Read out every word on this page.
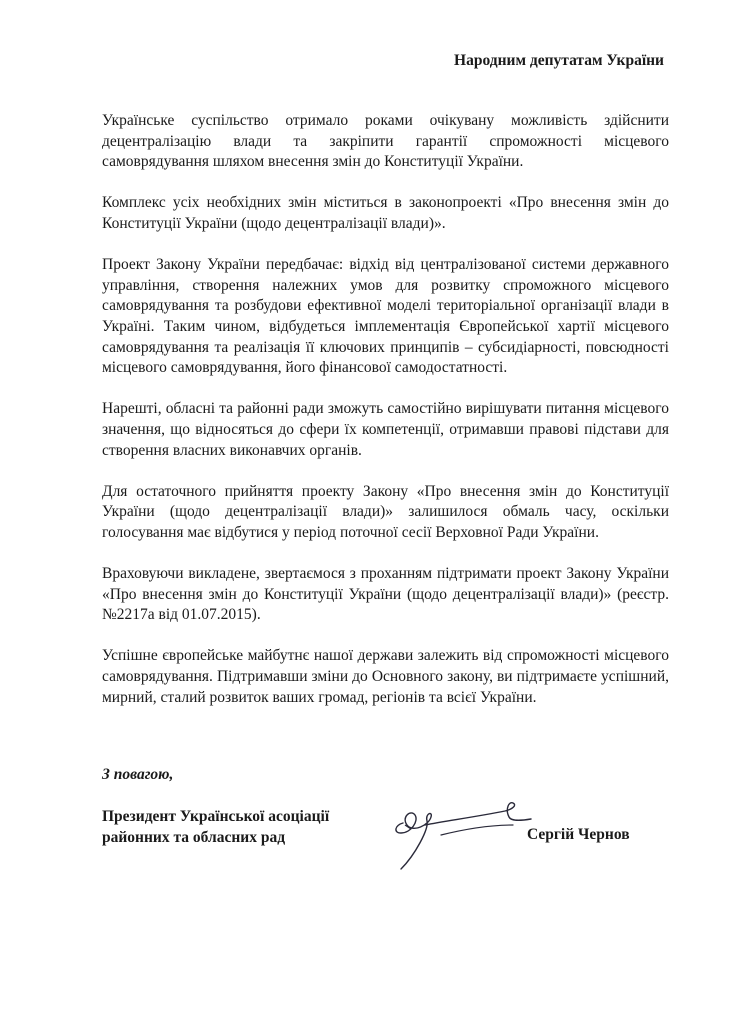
Народним депутатам України

Українське суспільство отримало роками очікувану можливість здійснити децентралізацію влади та закріпити гарантії спроможності місцевого самоврядування шляхом внесення змін до Конституції України.

Комплекс усіх необхідних змін міститься в законопроекті «Про внесення змін до Конституції України (щодо децентралізації влади)».

Проект Закону України передбачає: відхід від централізованої системи державного управління, створення належних умов для розвитку спроможного місцевого самоврядування та розбудови ефективної моделі територіальної організації влади в Україні. Таким чином, відбудеться імплементація Європейської хартії місцевого самоврядування та реалізація її ключових принципів – субсидіарності, повсюдності місцевого самоврядування, його фінансової самодостатності.

Нарешті, обласні та районні ради зможуть самостійно вирішувати питання місцевого значення, що відносяться до сфери їх компетенції, отримавши правові підстави для створення власних виконавчих органів.

Для остаточного прийняття проекту Закону «Про внесення змін до Конституції України (щодо децентралізації влади)» залишилося обмаль часу, оскільки голосування має відбутися у період поточної сесії Верховної Ради України.

Враховуючи викладене, звертаємося з проханням підтримати проект Закону України «Про внесення змін до Конституції України (щодо децентралізації влади)» (реєстр. №2217а від 01.07.2015).

Успішне європейське майбутнє нашої держави залежить від спроможності місцевого самоврядування. Підтримавши зміни до Основного закону, ви підтримаєте успішний, мирний, сталий розвиток ваших громад, регіонів та всієї України.

З повагою,
Президент Української асоціації
районних та обласних рад	Сергій Чернов
